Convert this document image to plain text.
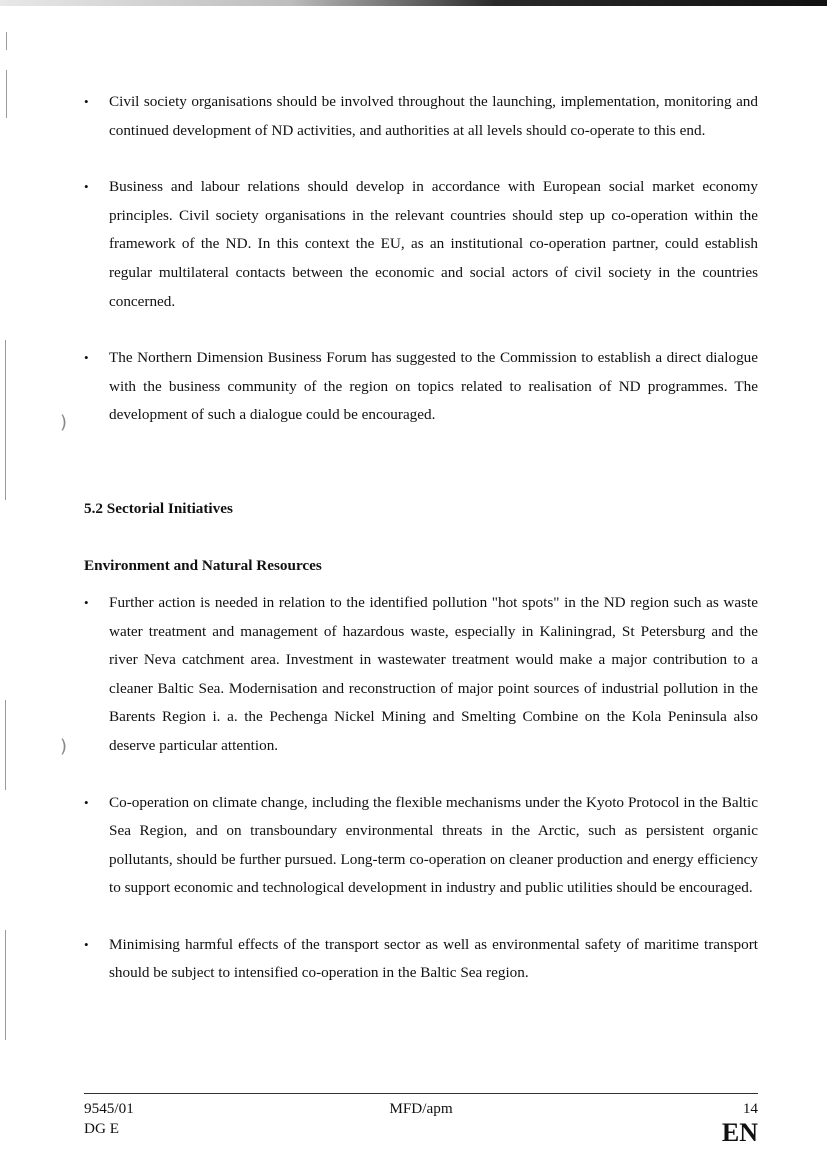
)
)
•	Civil society organisations should be involved throughout the launching, implementation, monitoring and continued development of ND activities, and authorities at all levels should co-operate to this end.
•	Business and labour relations should develop in accordance with European social market economy principles. Civil society organisations in the relevant countries should step up co-operation within the framework of the ND. In this context the EU, as an institutional co-operation partner, could establish regular multilateral contacts between the economic and social actors of civil society in the countries concerned.
•	The Northern Dimension Business Forum has suggested to the Commission to establish a direct dialogue with the business community of the region on topics related to realisation of ND programmes. The development of such a dialogue could be encouraged.
5.2 Sectorial Initiatives
Environment and Natural Resources
•	Further action is needed in relation to the identified pollution "hot spots" in the ND region such as waste water treatment and management of hazardous waste, especially in Kaliningrad, St Petersburg and the river Neva catchment area. Investment in wastewater treatment would make a major contribution to a cleaner Baltic Sea. Modernisation and reconstruction of major point sources of industrial pollution in the Barents Region i. a. the Pechenga Nickel Mining and Smelting Combine on the Kola Peninsula also deserve particular attention.
•	Co-operation on climate change, including the flexible mechanisms under the Kyoto Protocol in the Baltic Sea Region, and on transboundary environmental threats in the Arctic, such as persistent organic pollutants, should be further pursued. Long-term co-operation on cleaner production and energy efficiency to support economic and technological development in industry and public utilities should be encouraged.
•	Minimising harmful effects of the transport sector as well as environmental safety of maritime transport should be subject to intensified co-operation in the Baltic Sea region.
9545/01
DG E
MFD/apm	14
EN
